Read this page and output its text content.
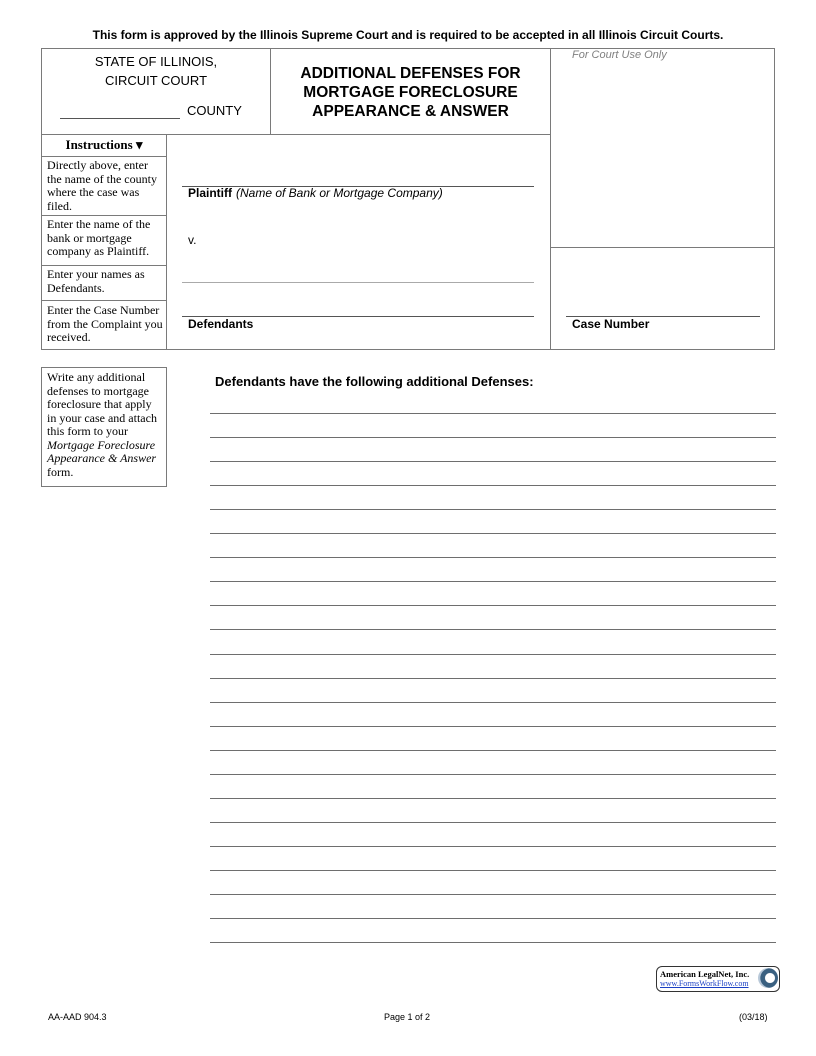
This form is approved by the Illinois Supreme Court and is required to be accepted in all Illinois Circuit Courts.
STATE OF ILLINOIS,
CIRCUIT COURT
COUNTY
ADDITIONAL DEFENSES FOR
MORTGAGE FORECLOSURE
APPEARANCE & ANSWER
For Court Use Only
Instructions ▾
Directly above, enter the name of the county where the case was filed.
Enter the name of the bank or mortgage company as Plaintiff.
Enter your names as Defendants.
Enter the Case Number from the Complaint you received.
Plaintiff (Name of Bank or Mortgage Company)
v.
Defendants	Case Number
Write any additional defenses to mortgage foreclosure that apply in your case and attach this form to your Mortgage Foreclosure Appearance & Answer form.
Defendants have the following additional Defenses:
American LegalNet, Inc.
www.FormsWorkFlow.com
AA-AAD 904.3	Page 1 of 2	(03/18)
